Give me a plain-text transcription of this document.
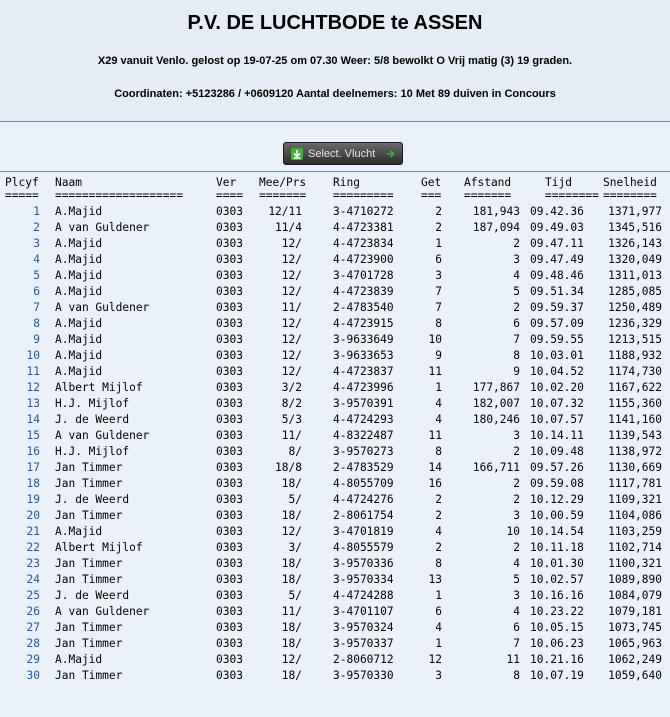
P.V. DE LUCHTBODE te ASSEN
X29 vanuit Venlo. gelost op 19-07-25 om 07.30 Weer: 5/8 bewolkt O Vrij matig (3) 19 graden.
Coordinaten: +5123286 / +0609120 Aantal deelnemers: 10 Met 89 duiven in Concours
Select. Vlucht
Plcyf Naam	Ver Mee/Prs Ring	Get Afstand	Tijd	Snelheid
===== ===================	==== ======= ========= === =======	======== ========
1 A.Majid	0303	12/11	3-4710272	2	181,943 09.42.36	1371,977
2 A van Guldener	0303	11/4	4-4723381	2	187,094 09.49.03	1345,516
3 A.Majid	0303	12/	4-4723834	1	2 09.47.11	1326,143
4 A.Majid	0303	12/	4-4723900	6	3 09.47.49	1320,049
5 A.Majid	0303	12/	3-4701728	3	4 09.48.46	1311,013
6 A.Majid	0303	12/	4-4723839	7	5 09.51.34	1285,085
7 A van Guldener	0303	11/	2-4783540	7	2 09.59.37	1250,489
8 A.Majid	0303	12/	4-4723915	8	6 09.57.09	1236,329
9 A.Majid	0303	12/	3-9633649	10	7 09.59.55	1213,515
10 A.Majid	0303	12/	3-9633653	9	8 10.03.01	1188,932
11 A.Majid	0303	12/	4-4723837	11	9 10.04.52	1174,730
12 Albert Mijlof	0303	3/2	4-4723996	1	177,867 10.02.20	1167,622
13 H.J. Mijlof	0303	8/2	3-9570391	4	182,007 10.07.32	1155,360
14 J. de Weerd	0303	5/3	4-4724293	4	180,246 10.07.57	1141,160
15 A van Guldener	0303	11/	4-8322487	11	3 10.14.11	1139,543
16 H.J. Mijlof	0303	8/	3-9570273	8	2 10.09.48	1138,972
17 Jan Timmer	0303	18/8	2-4783529	14	166,711 09.57.26	1130,669
18 Jan Timmer	0303	18/	4-8055709	16	2 09.59.08	1117,781
19 J. de Weerd	0303	5/	4-4724276	2	2 10.12.29	1109,321
20 Jan Timmer	0303	18/	2-8061754	2	3 10.00.59	1104,086
21 A.Majid	0303	12/	3-4701819	4	10 10.14.54	1103,259
22 Albert Mijlof	0303	3/	4-8055579	2	2 10.11.18	1102,714
23 Jan Timmer	0303	18/	3-9570336	8	4 10.01.30	1100,321
24 Jan Timmer	0303	18/	3-9570334	13	5 10.02.57	1089,890
25 J. de Weerd	0303	5/	4-4724288	1	3 10.16.16	1084,079
26 A van Guldener	0303	11/	3-4701107	6	4 10.23.22	1079,181
27 Jan Timmer	0303	18/	3-9570324	4	6 10.05.15	1073,745
28 Jan Timmer	0303	18/	3-9570337	1	7 10.06.23	1065,963
29 A.Majid	0303	12/	2-8060712	12	11 10.21.16	1062,249
30 Jan Timmer	0303	18/	3-9570330	3	8 10.07.19	1059,640
